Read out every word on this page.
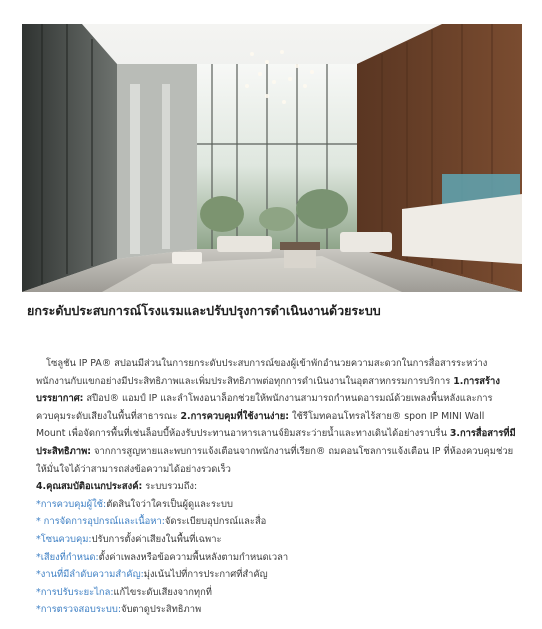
ยกระดับประสบการณ์โรงแรมและปรับปรุงการดำเนินงานด้วยระบบ

โซลูชัน IP PA® สปอนมีส่วนในการยกระดับประสบการณ์ของผู้เข้าพักอำนวยความสะดวกในการสื่อสารระหว่างพนักงานกับแขกอย่างมีประสิทธิภาพและเพิ่มประสิทธิภาพต่อทุกการดำเนินงานในอุตสาหกรรมการบริการ 1.การสร้างบรรยากาศ: สปีอป® แอมป์ IP และลำโพงอนาล็อกช่วยให้พนักงานสามารถกำหนดอารมณ์ด้วยเพลงพื้นหลังและการควบคุมระดับเสียงในพื้นที่สาธารณะ 2.การควบคุมที่ใช้งานง่าย: ใช้รีโมทคอนโทรลไร้สาย® spon IP MINI Wall Mount เพื่อจัดการพื้นที่เช่นล็อบบี้ห้องรับประทานอาหารเลานจ์ยิมสระว่ายน้ำและทางเดินได้อย่างราบรื่น 3.การสื่อสารที่มีประสิทธิภาพ: จากการสูญหายและพบการแจ้งเตือนจากพนักงานที่เรียก® ถมคอนโซลการแจ้งเตือน IP ที่ห้องควบคุมช่วยให้มั่นใจได้ว่าสามารถส่งข้อความได้อย่างรวดเร็ว

4.คุณสมบัติอเนกประสงค์: ระบบรวมถึง:

*การควบคุมผู้ใช้:ตัดสินใจว่าใครเป็นผู้ดูและระบบ
* การจัดการอุปกรณ์และเนื้อหา:จัดระเบียบอุปกรณ์และสื่อ
*โซนควบคุม:ปรับการตั้งค่าเสียงในพื้นที่เฉพาะ
*เสียงที่กำหนด:ตั้งค่าเพลงหรือข้อความพื้นหลังตามกำหนดเวลา
*งานที่มีลำดับความสำคัญ:มุ่งเน้นไปที่การประกาศที่สำคัญ
*การปรับระยะไกล:แก้ไขระดับเสียงจากทุกที่
*การตรวจสอบระบบ:จับตาดูประสิทธิภาพ
